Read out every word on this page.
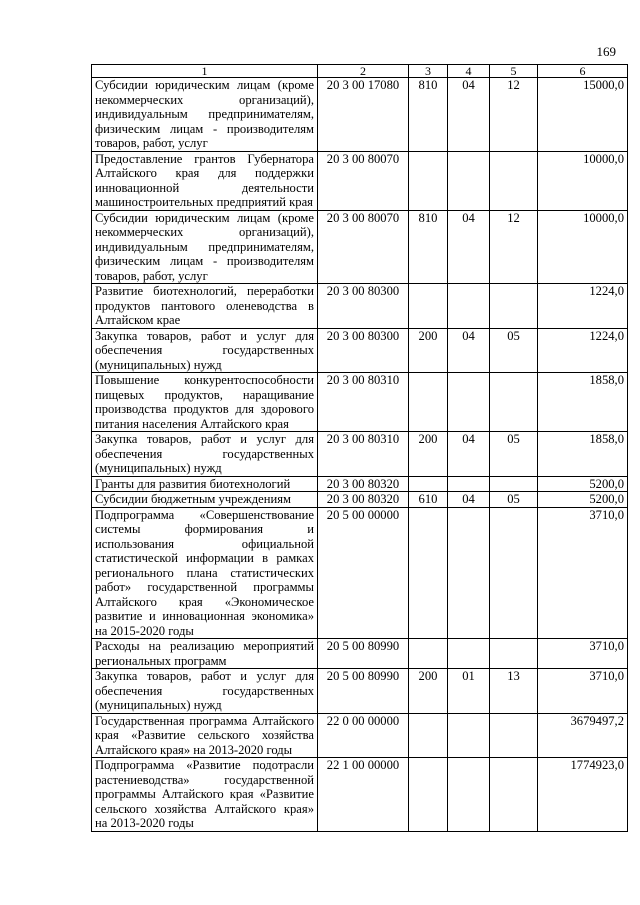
169
1	2	3	4	5	6
Субсидии юридическим лицам (кроме некоммерческих организаций), индивидуальным предпринимателям, физическим лицам - производителям товаров, работ, услуг	20 3 00 17080	810	04	12	15000,0
Предоставление грантов Губернатора Алтайского края для поддержки инновационной деятельности машиностроительных предприятий края	20 3 00 80070				10000,0
Субсидии юридическим лицам (кроме некоммерческих организаций), индивидуальным предпринимателям, физическим лицам - производителям товаров, работ, услуг	20 3 00 80070	810	04	12	10000,0
Развитие биотехнологий, переработки продуктов пантового оленеводства в Алтайском крае	20 3 00 80300				1224,0
Закупка товаров, работ и услуг для обеспечения государственных (муниципальных) нужд	20 3 00 80300	200	04	05	1224,0
Повышение конкурентоспособности пищевых продуктов, наращивание производства продуктов для здорового питания населения Алтайского края	20 3 00 80310				1858,0
Закупка товаров, работ и услуг для обеспечения государственных (муниципальных) нужд	20 3 00 80310	200	04	05	1858,0
Гранты для развития биотехнологий	20 3 00 80320				5200,0
Субсидии бюджетным учреждениям	20 3 00 80320	610	04	05	5200,0
Подпрограмма «Совершенствование системы формирования и использования официальной статистической информации в рамках регионального плана статистических работ» государственной программы Алтайского края «Экономическое развитие и инновационная экономика» на 2015-2020 годы	20 5 00 00000				3710,0
Расходы на реализацию мероприятий региональных программ	20 5 00 80990				3710,0
Закупка товаров, работ и услуг для обеспечения государственных (муниципальных) нужд	20 5 00 80990	200	01	13	3710,0
Государственная программа Алтайского края «Развитие сельского хозяйства Алтайского края» на 2013-2020 годы	22 0 00 00000				3679497,2
Подпрограмма «Развитие подотрасли растениеводства» государственной программы Алтайского края «Развитие сельского хозяйства Алтайского края» на 2013-2020 годы	22 1 00 00000				1774923,0
